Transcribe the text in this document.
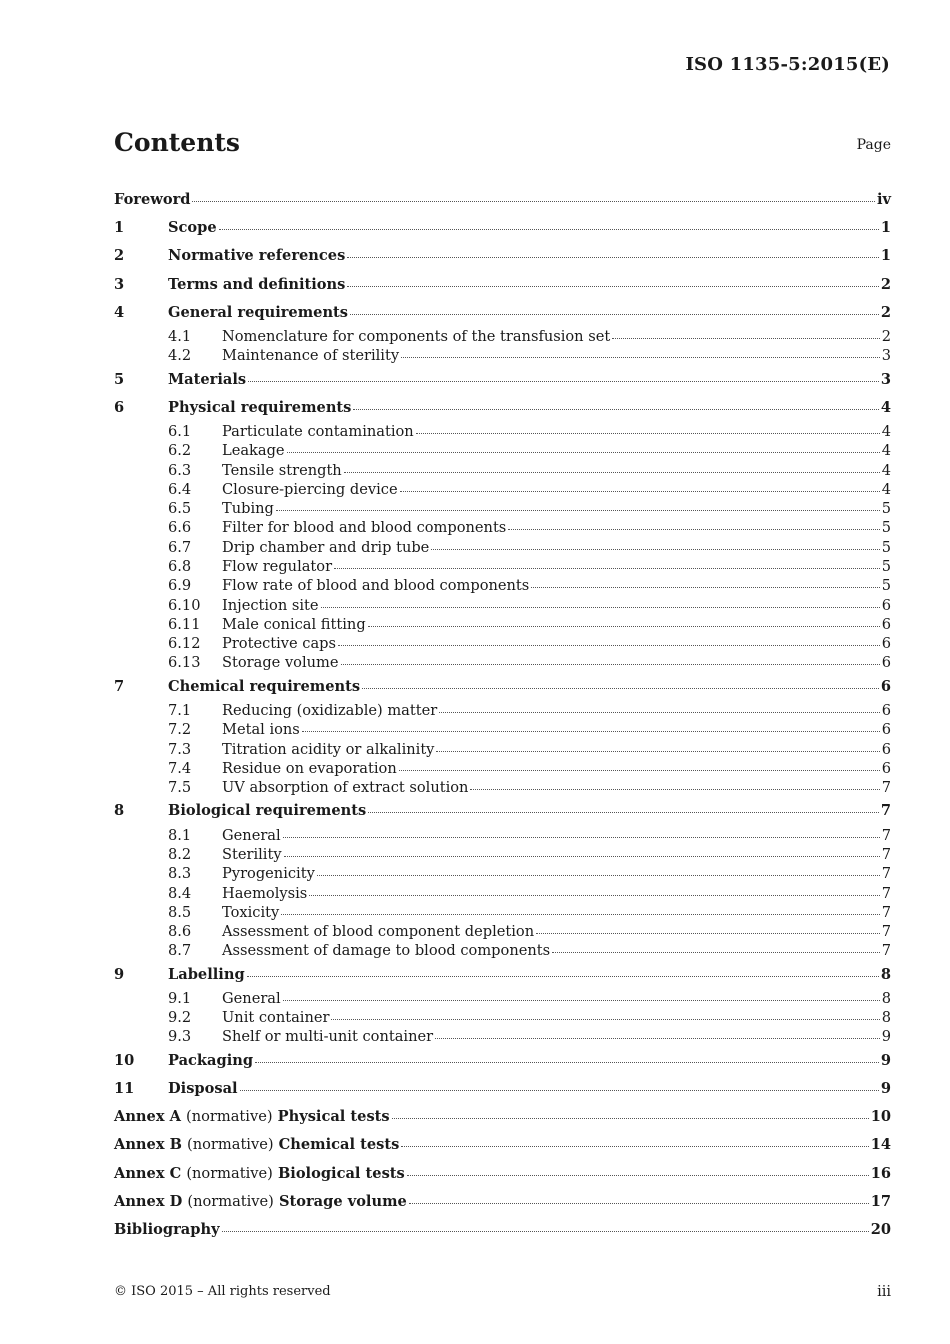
ISO 1135-5:2015(E)
Contents	Page
Foreword	iv
1	Scope	1
2	Normative references	1
3	Terms and definitions	2
4	General requirements	2
4.1	Nomenclature for components of the transfusion set	2
4.2	Maintenance of sterility	3
5	Materials	3
6	Physical requirements	4
6.1	Particulate contamination	4
6.2	Leakage	4
6.3	Tensile strength	4
6.4	Closure-piercing device	4
6.5	Tubing	5
6.6	Filter for blood and blood components	5
6.7	Drip chamber and drip tube	5
6.8	Flow regulator	5
6.9	Flow rate of blood and blood components	5
6.10	Injection site	6
6.11	Male conical fitting	6
6.12	Protective caps	6
6.13	Storage volume	6
7	Chemical requirements	6
7.1	Reducing (oxidizable) matter	6
7.2	Metal ions	6
7.3	Titration acidity or alkalinity	6
7.4	Residue on evaporation	6
7.5	UV absorption of extract solution	7
8	Biological requirements	7
8.1	General	7
8.2	Sterility	7
8.3	Pyrogenicity	7
8.4	Haemolysis	7
8.5	Toxicity	7
8.6	Assessment of blood component depletion	7
8.7	Assessment of damage to blood components	7
9	Labelling	8
9.1	General	8
9.2	Unit container	8
9.3	Shelf or multi-unit container	9
10	Packaging	9
11	Disposal	9
Annex A (normative) Physical tests	10
Annex B (normative) Chemical tests	14
Annex C (normative) Biological tests	16
Annex D (normative) Storage volume	17
Bibliography	20
© ISO 2015 – All rights reserved	iii
